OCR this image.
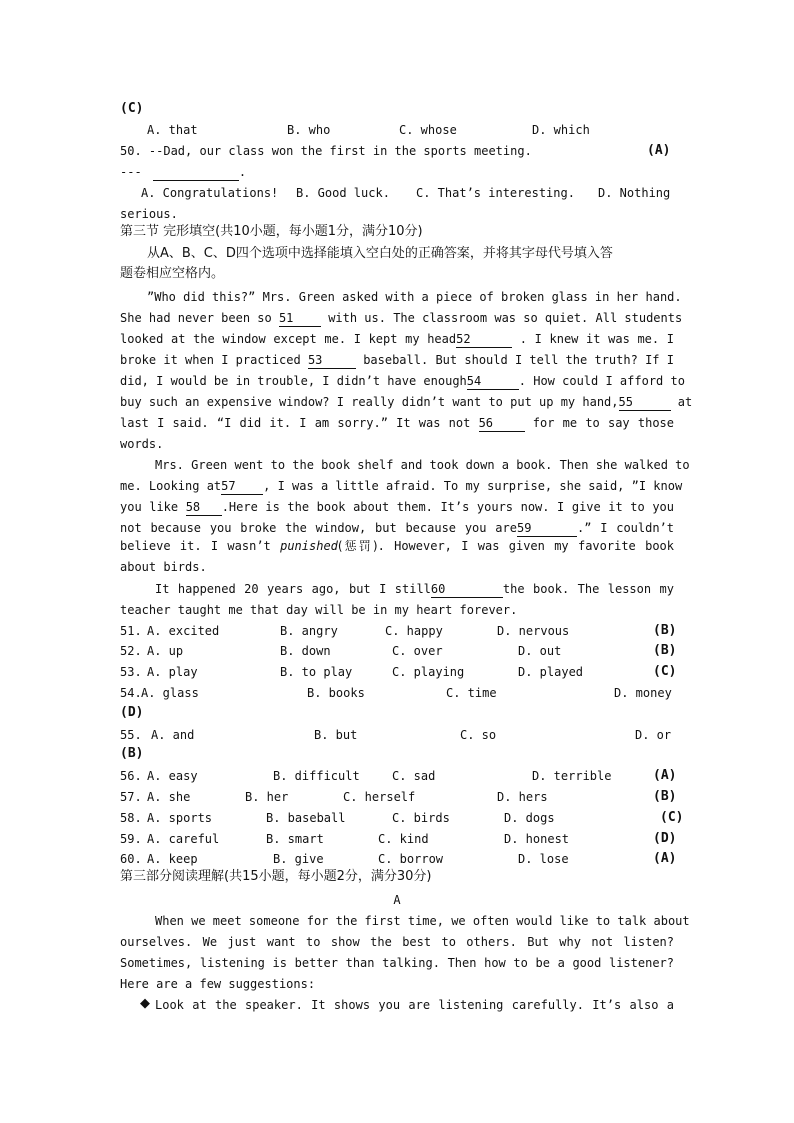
(C)
A. that	B. who	C. whose	D. which
50. --Dad, our class won the first in the sports meeting.	(A)
---	.
A. Congratulations! B. Good luck. C. That’s interesting. D. Nothing
serious.
第三节 完形填空(共10小题，每小题1分，满分10分)
从A、B、C、D四个选项中选择能填入空白处的正确答案，并将其字母代号填入答
题卷相应空格内。
”Who did this?” Mrs. Green asked with a piece of broken glass in her hand.
She had never been so 51	with us. The classroom was so quiet. All students
looked at the window except me. I kept my head52	. I knew it was me. I
broke it when I practiced 53	baseball. But should I tell the truth? If I
did, I would be in trouble, I didn’t have enough54	. How could I afford to
buy such an expensive window? I really didn’t want to put up my hand,55	at
last I said. “I did it. I am sorry.” It was not 56	for me to say those
words.
Mrs. Green went to the book shelf and took down a book. Then she walked to
me. Looking at57 , I was a little afraid. To my surprise, she said, ”I know
you like 58 .Here is the book about them. It’s yours now. I give it to you
not because you broke the window, but because you are59	.” I couldn’t
believe it. I wasn’t punished(惩罚). However, I was given my favorite book
about birds.
It happened 20 years ago, but I still60	the book. The lesson my
teacher taught me that day will be in my heart forever.
51. A. excited	B. angry	C. happy	D. nervous	(B)
52. A. up	B. down	C. over	D. out	(B)
53. A. play	B. to play	C. playing	D. played	(C)
54. A. glass	B. books	C. time	D. money
(D)
55. A. and	B. but	C. so	D. or
(B)
56. A. easy	B. difficult	C. sad	D. terrible	(A)
57. A. she	B. her	C. herself	D. hers	(B)
58. A. sports	B. baseball	C. birds	D. dogs	(C)
59. A. careful	B. smart	C. kind	D. honest	(D)
60. A. keep	B. give	C. borrow	D. lose	(A)
第三部分阅读理解(共15小题，每小题2分，满分30分)
A
When we meet someone for the first time, we often would like to talk about
ourselves. We just want to show the best to others. But why not listen?
Sometimes, listening is better than talking. Then how to be a good listener?
Here are a few suggestions:
◆ Look at the speaker. It shows you are listening carefully. It’s also a
